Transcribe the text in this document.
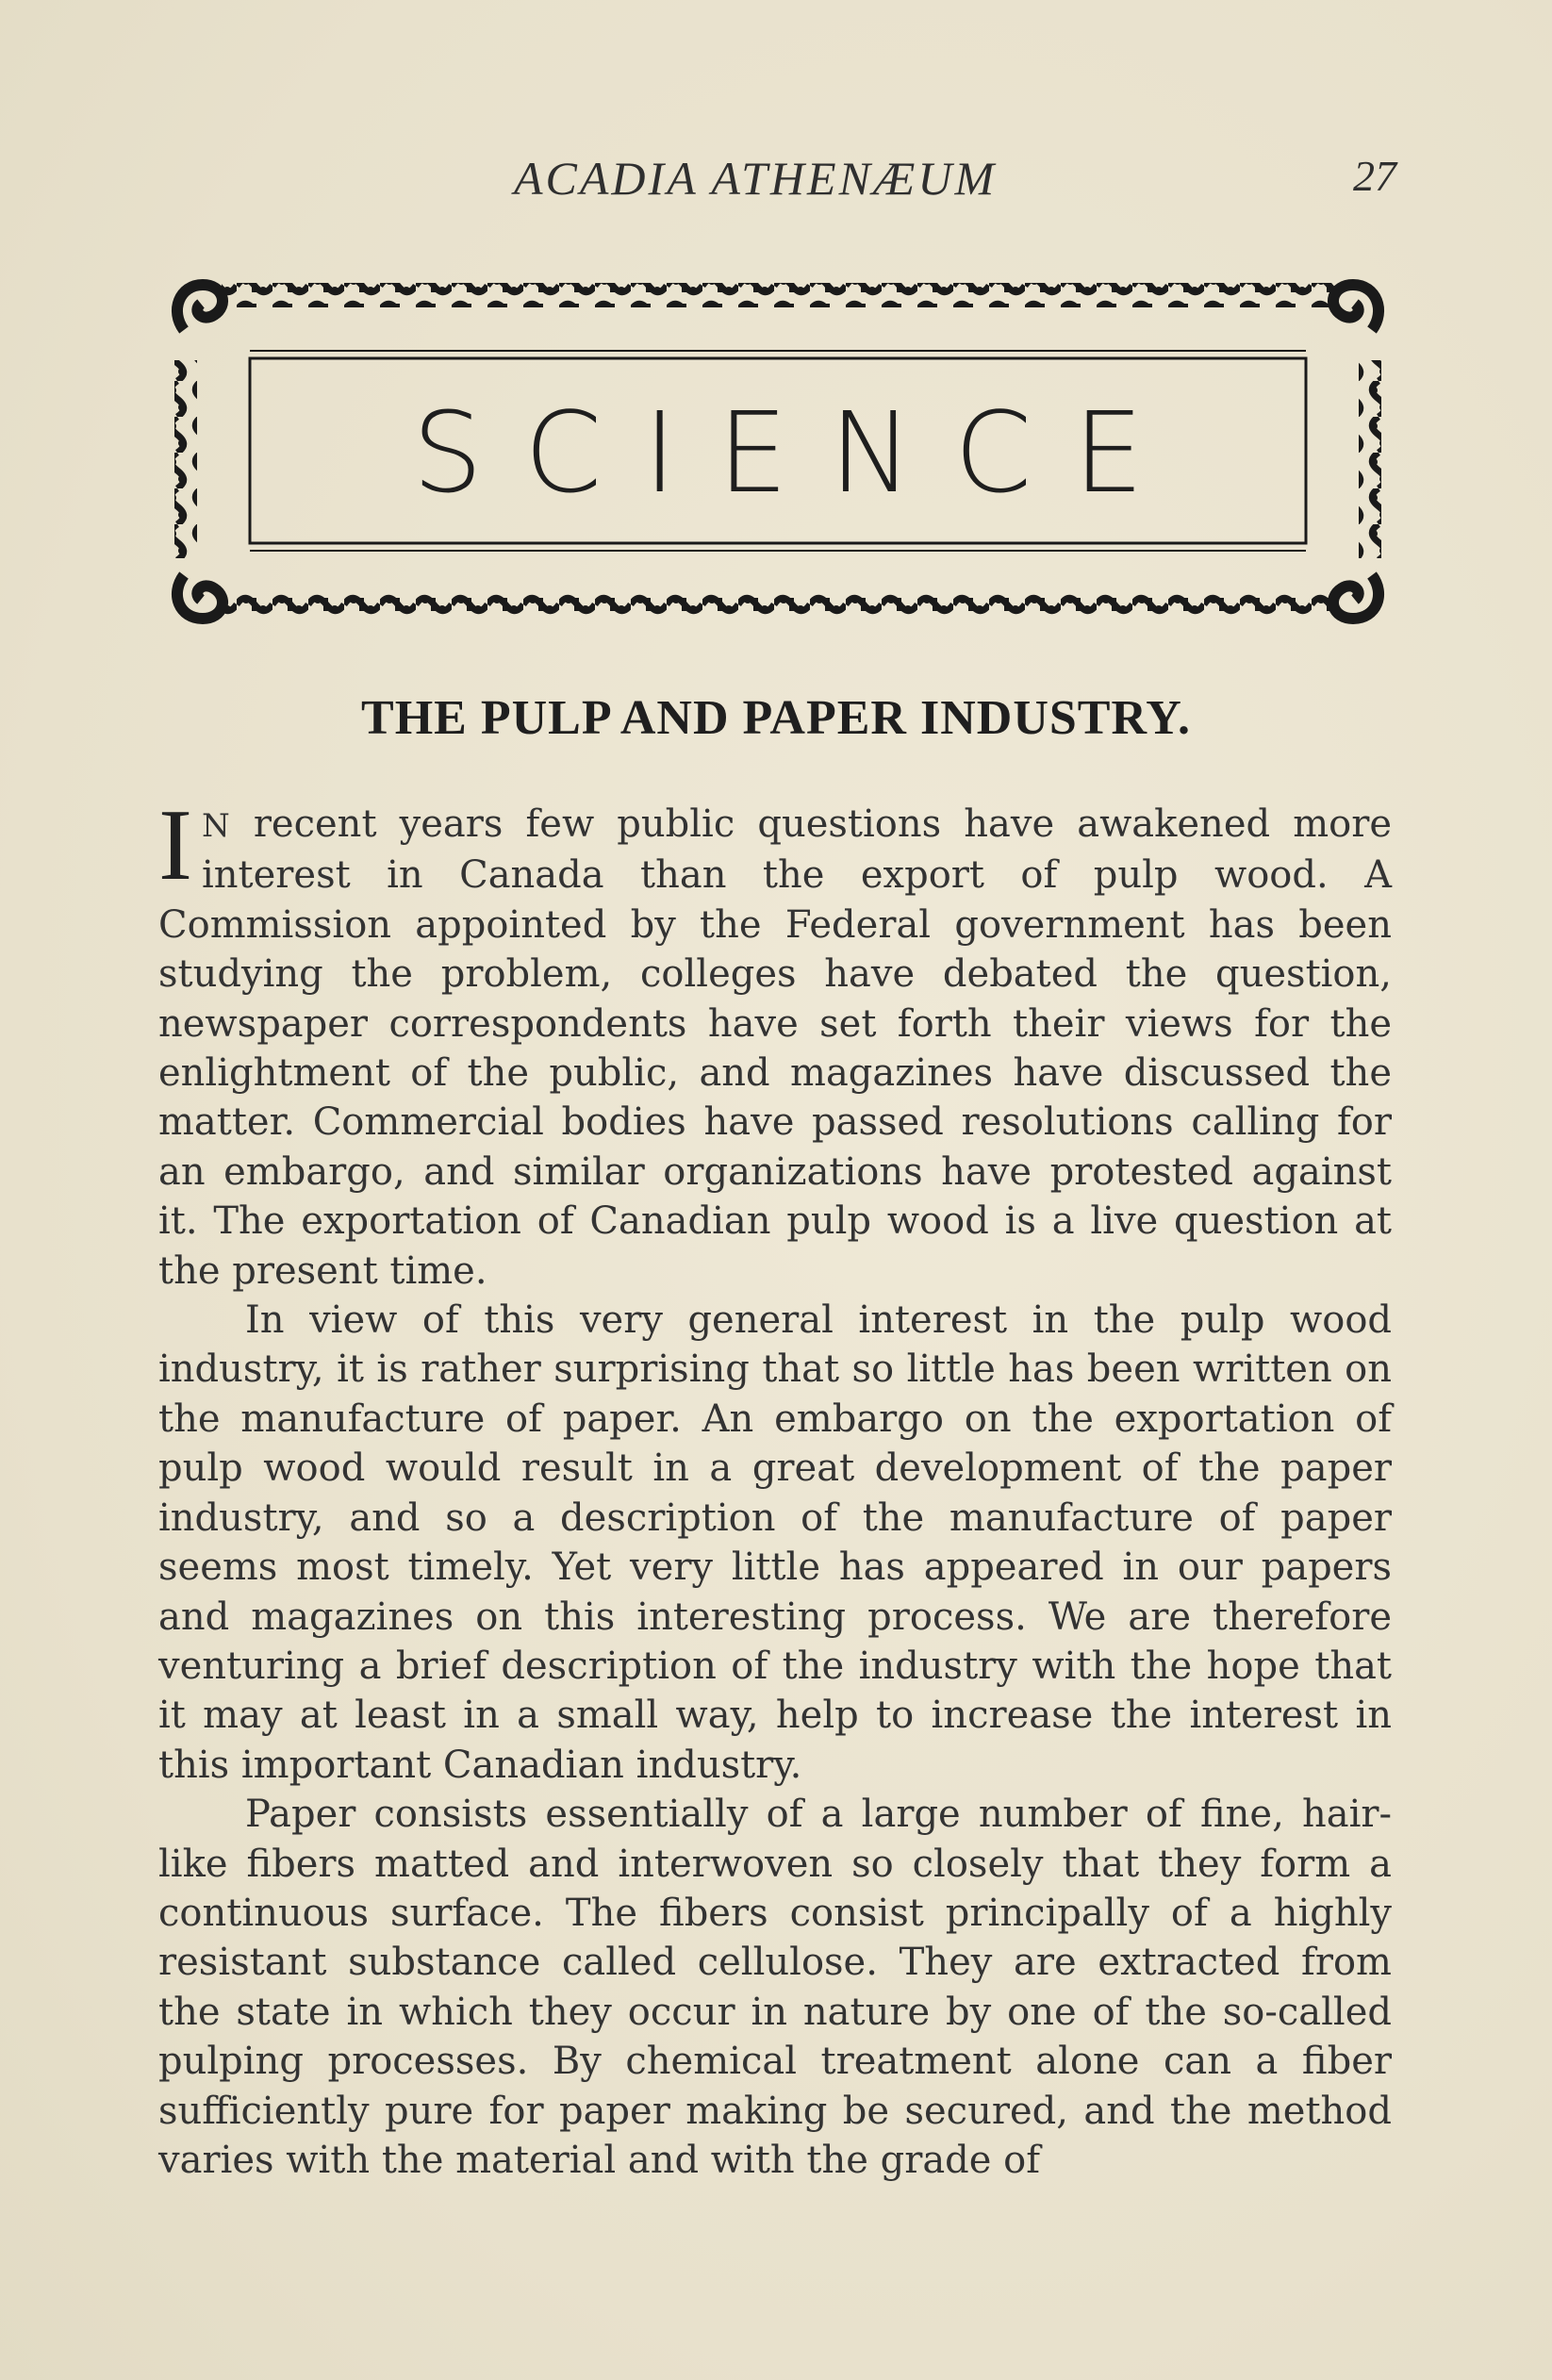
ACADIA ATHENÆUM	27
SCIENCE
THE PULP AND PAPER INDUSTRY.

I N recent years few public questions have awakened more interest in Canada than the export of pulp wood. A Commission appointed by the Federal government has been studying the problem, colleges have debated the question, newspaper correspondents have set forth their views for the enlightment of the public, and magazines have discussed the matter. Commercial bodies have passed resolutions calling for an embargo, and similar organizations have protested against it. The exportation of Canadian pulp wood is a live question at the present time.

In view of this very general interest in the pulp wood industry, it is rather surprising that so little has been written on the manufacture of paper. An embargo on the exportation of pulp wood would result in a great development of the paper industry, and so a description of the manufacture of paper seems most timely. Yet very little has appeared in our papers and magazines on this interesting process. We are therefore venturing a brief description of the industry with the hope that it may at least in a small way, help to increase the interest in this important Canadian industry.

Paper consists essentially of a large number of fine, hair-like fibers matted and interwoven so closely that they form a continuous surface. The fibers consist principally of a highly resistant substance called cellulose. They are extracted from the state in which they occur in nature by one of the so-called pulping processes. By chemical treatment alone can a fiber sufficiently pure for paper making be secured, and the method varies with the material and with the grade of
